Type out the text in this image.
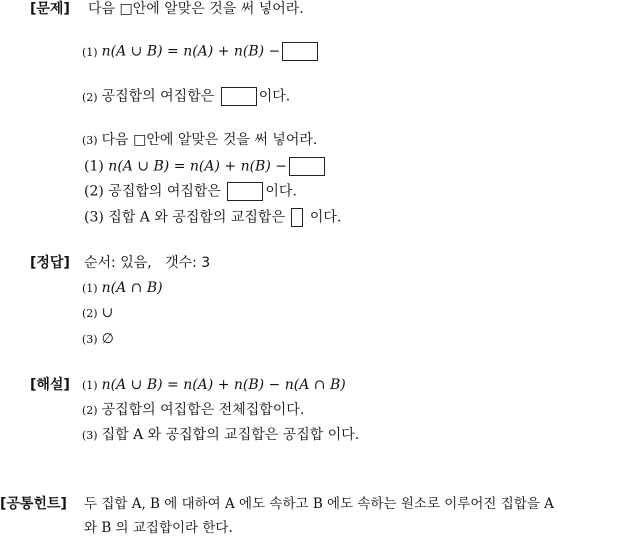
[문제] 다음 □안에 알맞은 것을 써 넣어라.
(1) n(A ∪ B) = n(A) + n(B) −
(2) 공집합의 여집합은	이다.
(3) 다음 □안에 알맞은 것을 써 넣어라.
(1) n(A ∪ B) = n(A) + n(B) −
(2) 공집합의 여집합은	이다.
(3) 집합 A 와 공집합의 교집합은 이다.
[정답] 순서: 있음,   갯수: 3
(1) n(A ∩ B)
(2) ∪
(3) ∅
[해설] (1) n(A ∪ B) = n(A) + n(B) − n(A ∩ B)
(2) 공집합의 여집합은 전체집합이다.
(3) 집합 A 와 공집합의 교집합은 공집합 이다.
[공통힌트] 두 집합 A, B 에 대하여 A 에도 속하고 B 에도 속하는 원소로 이루어진 집합을 A
와 B 의 교집합이라 한다.
